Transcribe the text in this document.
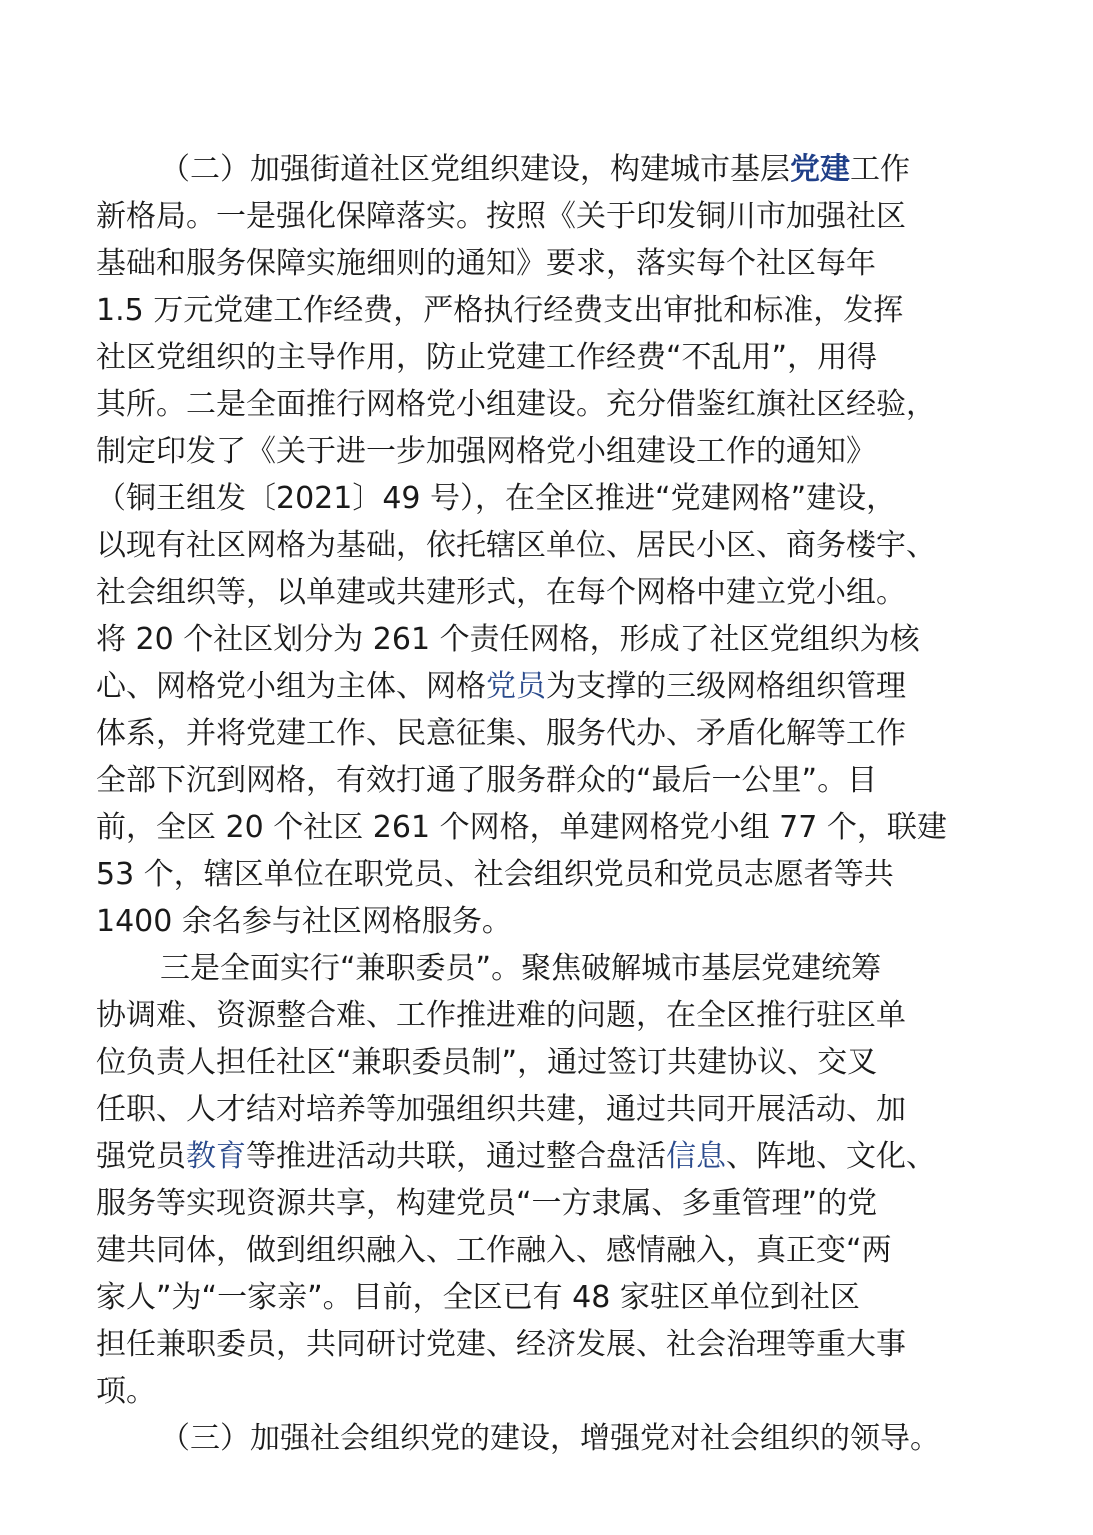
（二）加强街道社区党组织建设，构建城市基层党建工作
新格局。一是强化保障落实。按照《关于印发铜川市加强社区
基础和服务保障实施细则的通知》要求，落实每个社区每年
1.5 万元党建工作经费，严格执行经费支出审批和标准，发挥
社区党组织的主导作用，防止党建工作经费“不乱用”，用得
其所。二是全面推行网格党小组建设。充分借鉴红旗社区经验，
制定印发了《关于进一步加强网格党小组建设工作的通知》
（铜王组发〔2021〕49 号），在全区推进“党建网格”建设，
以现有社区网格为基础，依托辖区单位、居民小区、商务楼宇、
社会组织等，以单建或共建形式，在每个网格中建立党小组。
将 20 个社区划分为 261 个责任网格，形成了社区党组织为核
心、网格党小组为主体、网格党员为支撑的三级网格组织管理
体系，并将党建工作、民意征集、服务代办、矛盾化解等工作
全部下沉到网格，有效打通了服务群众的“最后一公里”。目
前，全区 20 个社区 261 个网格，单建网格党小组 77 个，联建
53 个，辖区单位在职党员、社会组织党员和党员志愿者等共
1400 余名参与社区网格服务。
三是全面实行“兼职委员”。聚焦破解城市基层党建统筹
协调难、资源整合难、工作推进难的问题，在全区推行驻区单
位负责人担任社区“兼职委员制”，通过签订共建协议、交叉
任职、人才结对培养等加强组织共建，通过共同开展活动、加
强党员教育等推进活动共联，通过整合盘活信息、阵地、文化、
服务等实现资源共享，构建党员“一方隶属、多重管理”的党
建共同体，做到组织融入、工作融入、感情融入，真正变“两
家人”为“一家亲”。目前，全区已有 48 家驻区单位到社区
担任兼职委员，共同研讨党建、经济发展、社会治理等重大事
项。
（三）加强社会组织党的建设，增强党对社会组织的领导。
